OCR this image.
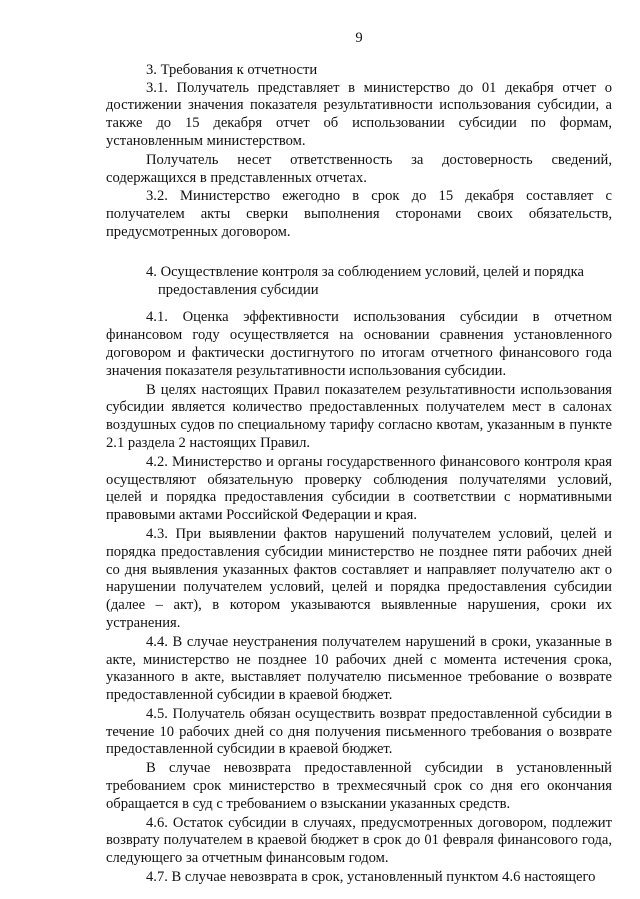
9

3. Требования к отчетности

3.1. Получатель представляет в министерство до 01 декабря отчет о достижении значения показателя результативности использования субсидии, а также до 15 декабря отчет об использовании субсидии по формам, установленным министерством.

Получатель несет ответственность за достоверность сведений, содержащихся в представленных отчетах.

3.2. Министерство ежегодно в срок до 15 декабря составляет с получателем акты сверки выполнения сторонами своих обязательств, предусмотренных договором.

4. Осуществление контроля за соблюдением условий, целей и порядка
предоставления субсидии

4.1. Оценка эффективности использования субсидии в отчетном финансовом году осуществляется на основании сравнения установленного договором и фактически достигнутого по итогам отчетного финансового года значения показателя результативности использования субсидии.

В целях настоящих Правил показателем результативности использования субсидии является количество предоставленных получателем мест в салонах воздушных судов по специальному тарифу согласно квотам, указанным в пункте 2.1 раздела 2 настоящих Правил.

4.2. Министерство и органы государственного финансового контроля края осуществляют обязательную проверку соблюдения получателями условий, целей и порядка предоставления субсидии в соответствии с нормативными правовыми актами Российской Федерации и края.

4.3. При выявлении фактов нарушений получателем условий, целей и порядка предоставления субсидии министерство не позднее пяти рабочих дней со дня выявления указанных фактов составляет и направляет получателю акт о нарушении получателем условий, целей и порядка предоставления субсидии (далее – акт), в котором указываются выявленные нарушения, сроки их устранения.

4.4. В случае неустранения получателем нарушений в сроки, указанные в акте, министерство не позднее 10 рабочих дней с момента истечения срока, указанного в акте, выставляет получателю письменное требование о возврате предоставленной субсидии в краевой бюджет.

4.5. Получатель обязан осуществить возврат предоставленной субсидии в течение 10 рабочих дней со дня получения письменного требования о возврате предоставленной субсидии в краевой бюджет.

В случае невозврата предоставленной субсидии в установленный требованием срок министерство в трехмесячный срок со дня его окончания обращается в суд с требованием о взыскании указанных средств.

4.6. Остаток субсидии в случаях, предусмотренных договором, подлежит возврату получателем в краевой бюджет в срок до 01 февраля финансового года, следующего за отчетным финансовым годом.

4.7. В случае невозврата в срок, установленный пунктом 4.6 настоящего
